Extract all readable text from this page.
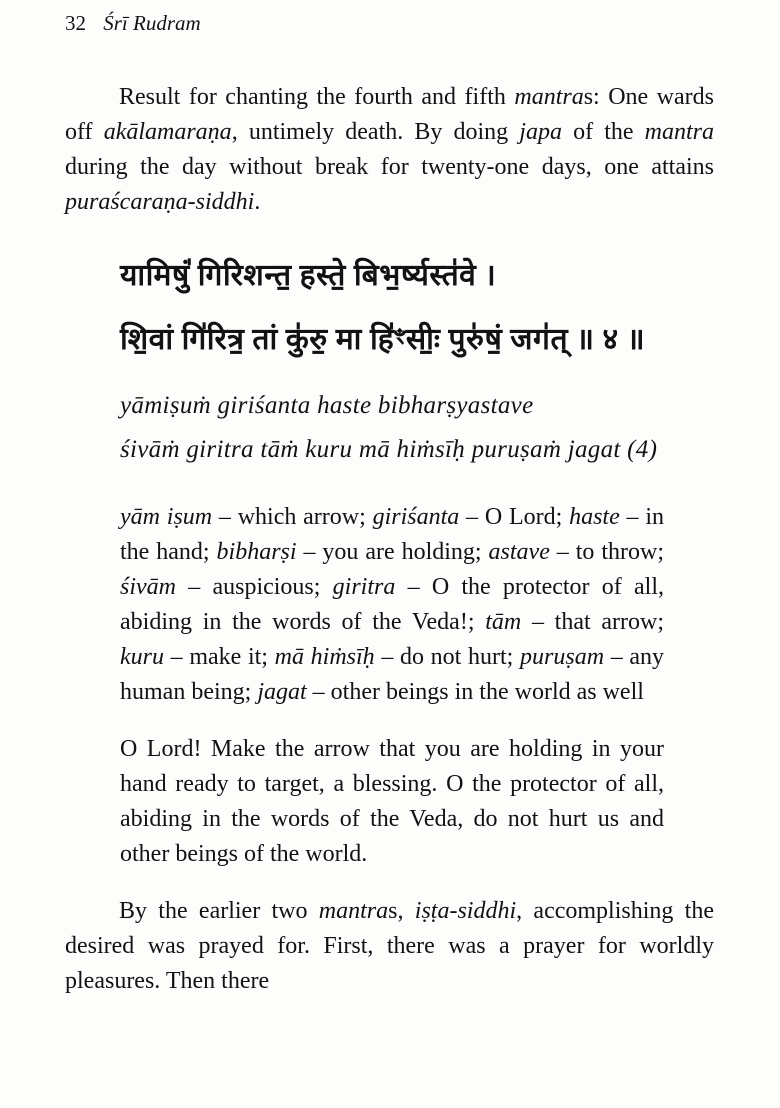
32 Śrī Rudram

Result for chanting the fourth and fifth mantras: One wards off akālamaraṇa, untimely death. By doing japa of the mantra during the day without break for twenty-one days, one attains puraścaraṇa-siddhi.

यामिषुं॑ गिरिशन्त॒ हस्ते॒ बिभ॒र्ष्यस्त॑वे ।
शि॒वां गि॑रित्र॒ तां कु॑रु॒ मा हि॑ꣳसीः॒ पुरु॑षं॒ जग॑त् ॥ ४ ॥
yāmiṣuṁ giriśanta haste bibharṣyastave
śivāṁ giritra tāṁ kuru mā hiṁsīḥ puruṣaṁ jagat (4)

yām iṣum – which arrow; giriśanta – O Lord; haste – in the hand; bibharṣi – you are holding; astave – to throw; śivām – auspicious; giritra – O the protector of all, abiding in the words of the Veda!; tām – that arrow; kuru – make it; mā hiṁsīḥ – do not hurt; puruṣam – any human being; jagat – other beings in the world as well

O Lord! Make the arrow that you are holding in your hand ready to target, a blessing. O the protector of all, abiding in the words of the Veda, do not hurt us and other beings of the world.

By the earlier two mantras, iṣṭa-siddhi, accomplishing the desired was prayed for. First, there was a prayer for worldly pleasures. Then there
